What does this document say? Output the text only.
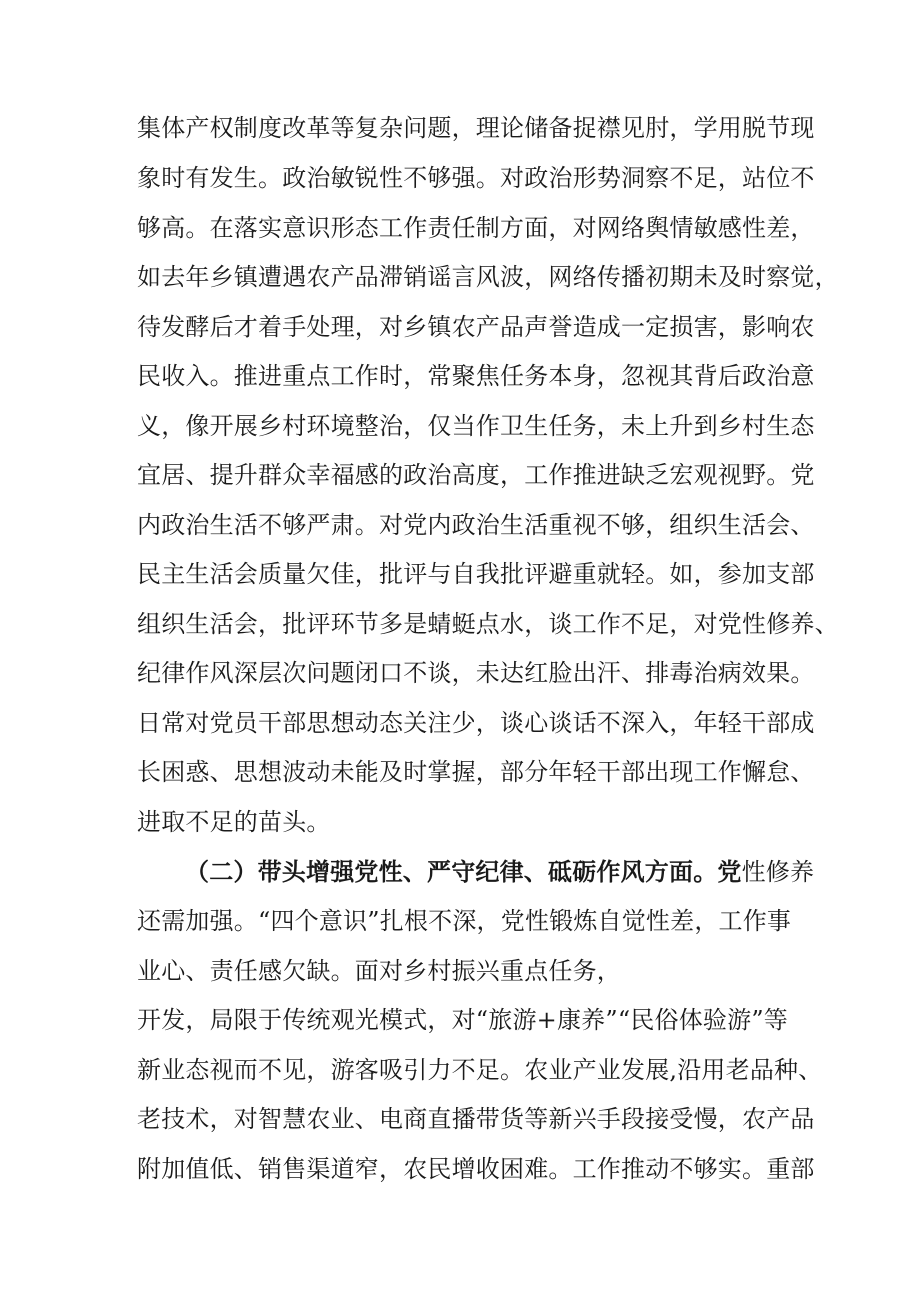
集体产权制度改革等复杂问题，理论储备捉襟见肘，学用脱节现
象时有发生。政治敏锐性不够强。对政治形势洞察不足，站位不
够高。在落实意识形态工作责任制方面，对网络舆情敏感性差，
如去年乡镇遭遇农产品滞销谣言风波，网络传播初期未及时察觉，
待发酵后才着手处理，对乡镇农产品声誉造成一定损害，影响农
民收入。推进重点工作时，常聚焦任务本身，忽视其背后政治意
义，像开展乡村环境整治，仅当作卫生任务，未上升到乡村生态
宜居、提升群众幸福感的政治高度，工作推进缺乏宏观视野。党
内政治生活不够严肃。对党内政治生活重视不够，组织生活会、
民主生活会质量欠佳，批评与自我批评避重就轻。如，参加支部
组织生活会，批评环节多是蜻蜓点水，谈工作不足，对党性修养、
纪律作风深层次问题闭口不谈，未达红脸出汗、排毒治病效果。
日常对党员干部思想动态关注少，谈心谈话不深入，年轻干部成
长困惑、思想波动未能及时掌握，部分年轻干部出现工作懈怠、
进取不足的苗头。
（二）带头增强党性、严守纪律、砥砺作风方面。党性修养
还需加强。“四个意识”扎根不深，党性锻炼自觉性差，工作事
业心、责任感欠缺。面对乡村振兴重点任务，
开发，局限于传统观光模式，对“旅游+康养”“民俗体验游”等
新业态视而不见，游客吸引力不足。农业产业发展,沿用老品种、
老技术，对智慧农业、电商直播带货等新兴手段接受慢，农产品
附加值低、销售渠道窄，农民增收困难。工作推动不够实。重部
